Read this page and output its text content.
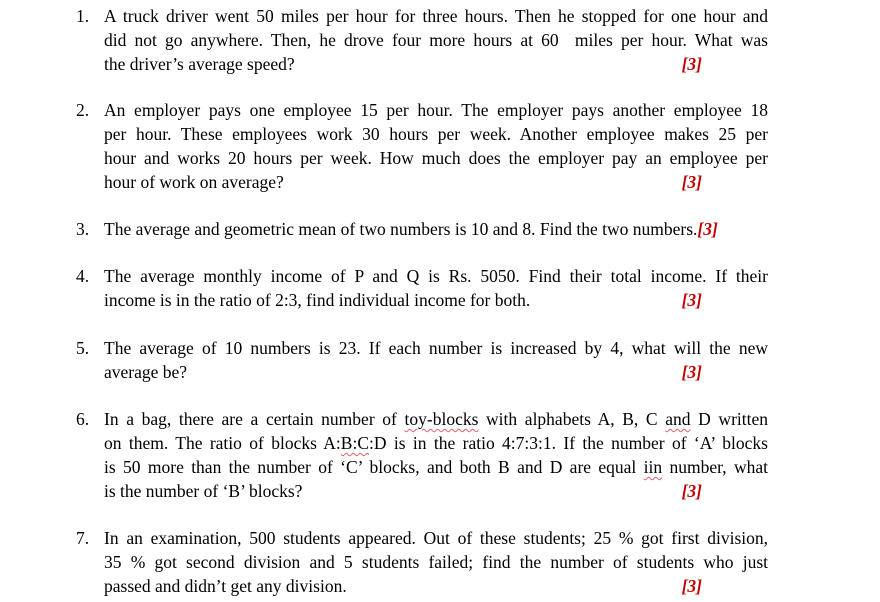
1. A truck driver went 50 miles per hour for three hours. Then he stopped for one hour and
did not go anywhere. Then, he drove four more hours at 60  miles per hour. What was
the driver’s average speed?	[3]
2. An employer pays one employee 15 per hour. The employer pays another employee 18
per hour. These employees work 30 hours per week. Another employee makes 25 per
hour and works 20 hours per week. How much does the employer pay an employee per
hour of work on average?	[3]
3. The average and geometric mean of two numbers is 10 and 8. Find the two numbers.[3]
4. The average monthly income of P and Q is Rs. 5050. Find their total income. If their
income is in the ratio of 2:3, find individual income for both.	[3]
5. The average of 10 numbers is 23. If each number is increased by 4, what will the new
average be?	[3]
6. In a bag, there are a certain number of toy-blocks with alphabets A, B, C and D written
on them. The ratio of blocks A:B:C:D is in the ratio 4:7:3:1. If the number of ‘A’ blocks
is 50 more than the number of ‘C’ blocks, and both B and D are equal iin number, what
is the number of ‘B’ blocks?	[3]
7. In an examination, 500 students appeared. Out of these students; 25 % got first division,
35 % got second division and 5 students failed; find the number of students who just
passed and didn’t get any division.	[3]
